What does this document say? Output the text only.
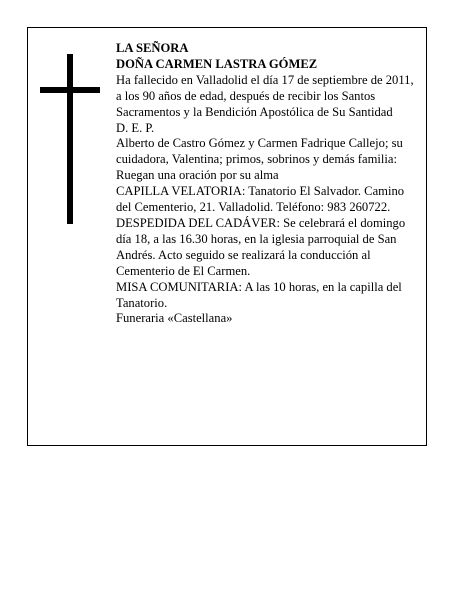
LA SEÑORA

DOÑA CARMEN LASTRA GÓMEZ

Ha fallecido en Valladolid el día 17 de septiembre de 2011, a los 90 años de edad, después de recibir los Santos Sacramentos y la Bendición Apostólica de Su Santidad

D. E. P.

Alberto de Castro Gómez y Carmen Fadrique Callejo; su cuidadora, Valentina; primos, sobrinos y demás familia:

Ruegan una oración por su alma

CAPILLA VELATORIA: Tanatorio El Salvador. Camino del Cementerio, 21. Valladolid. Teléfono: 983 260722.

DESPEDIDA DEL CADÁVER: Se celebrará el domingo día 18, a las 16.30 horas, en la iglesia parroquial de San Andrés. Acto seguido se realizará la conducción al Cementerio de El Carmen.

MISA COMUNITARIA: A las 10 horas, en la capilla del Tanatorio.

Funeraria «Castellana»
